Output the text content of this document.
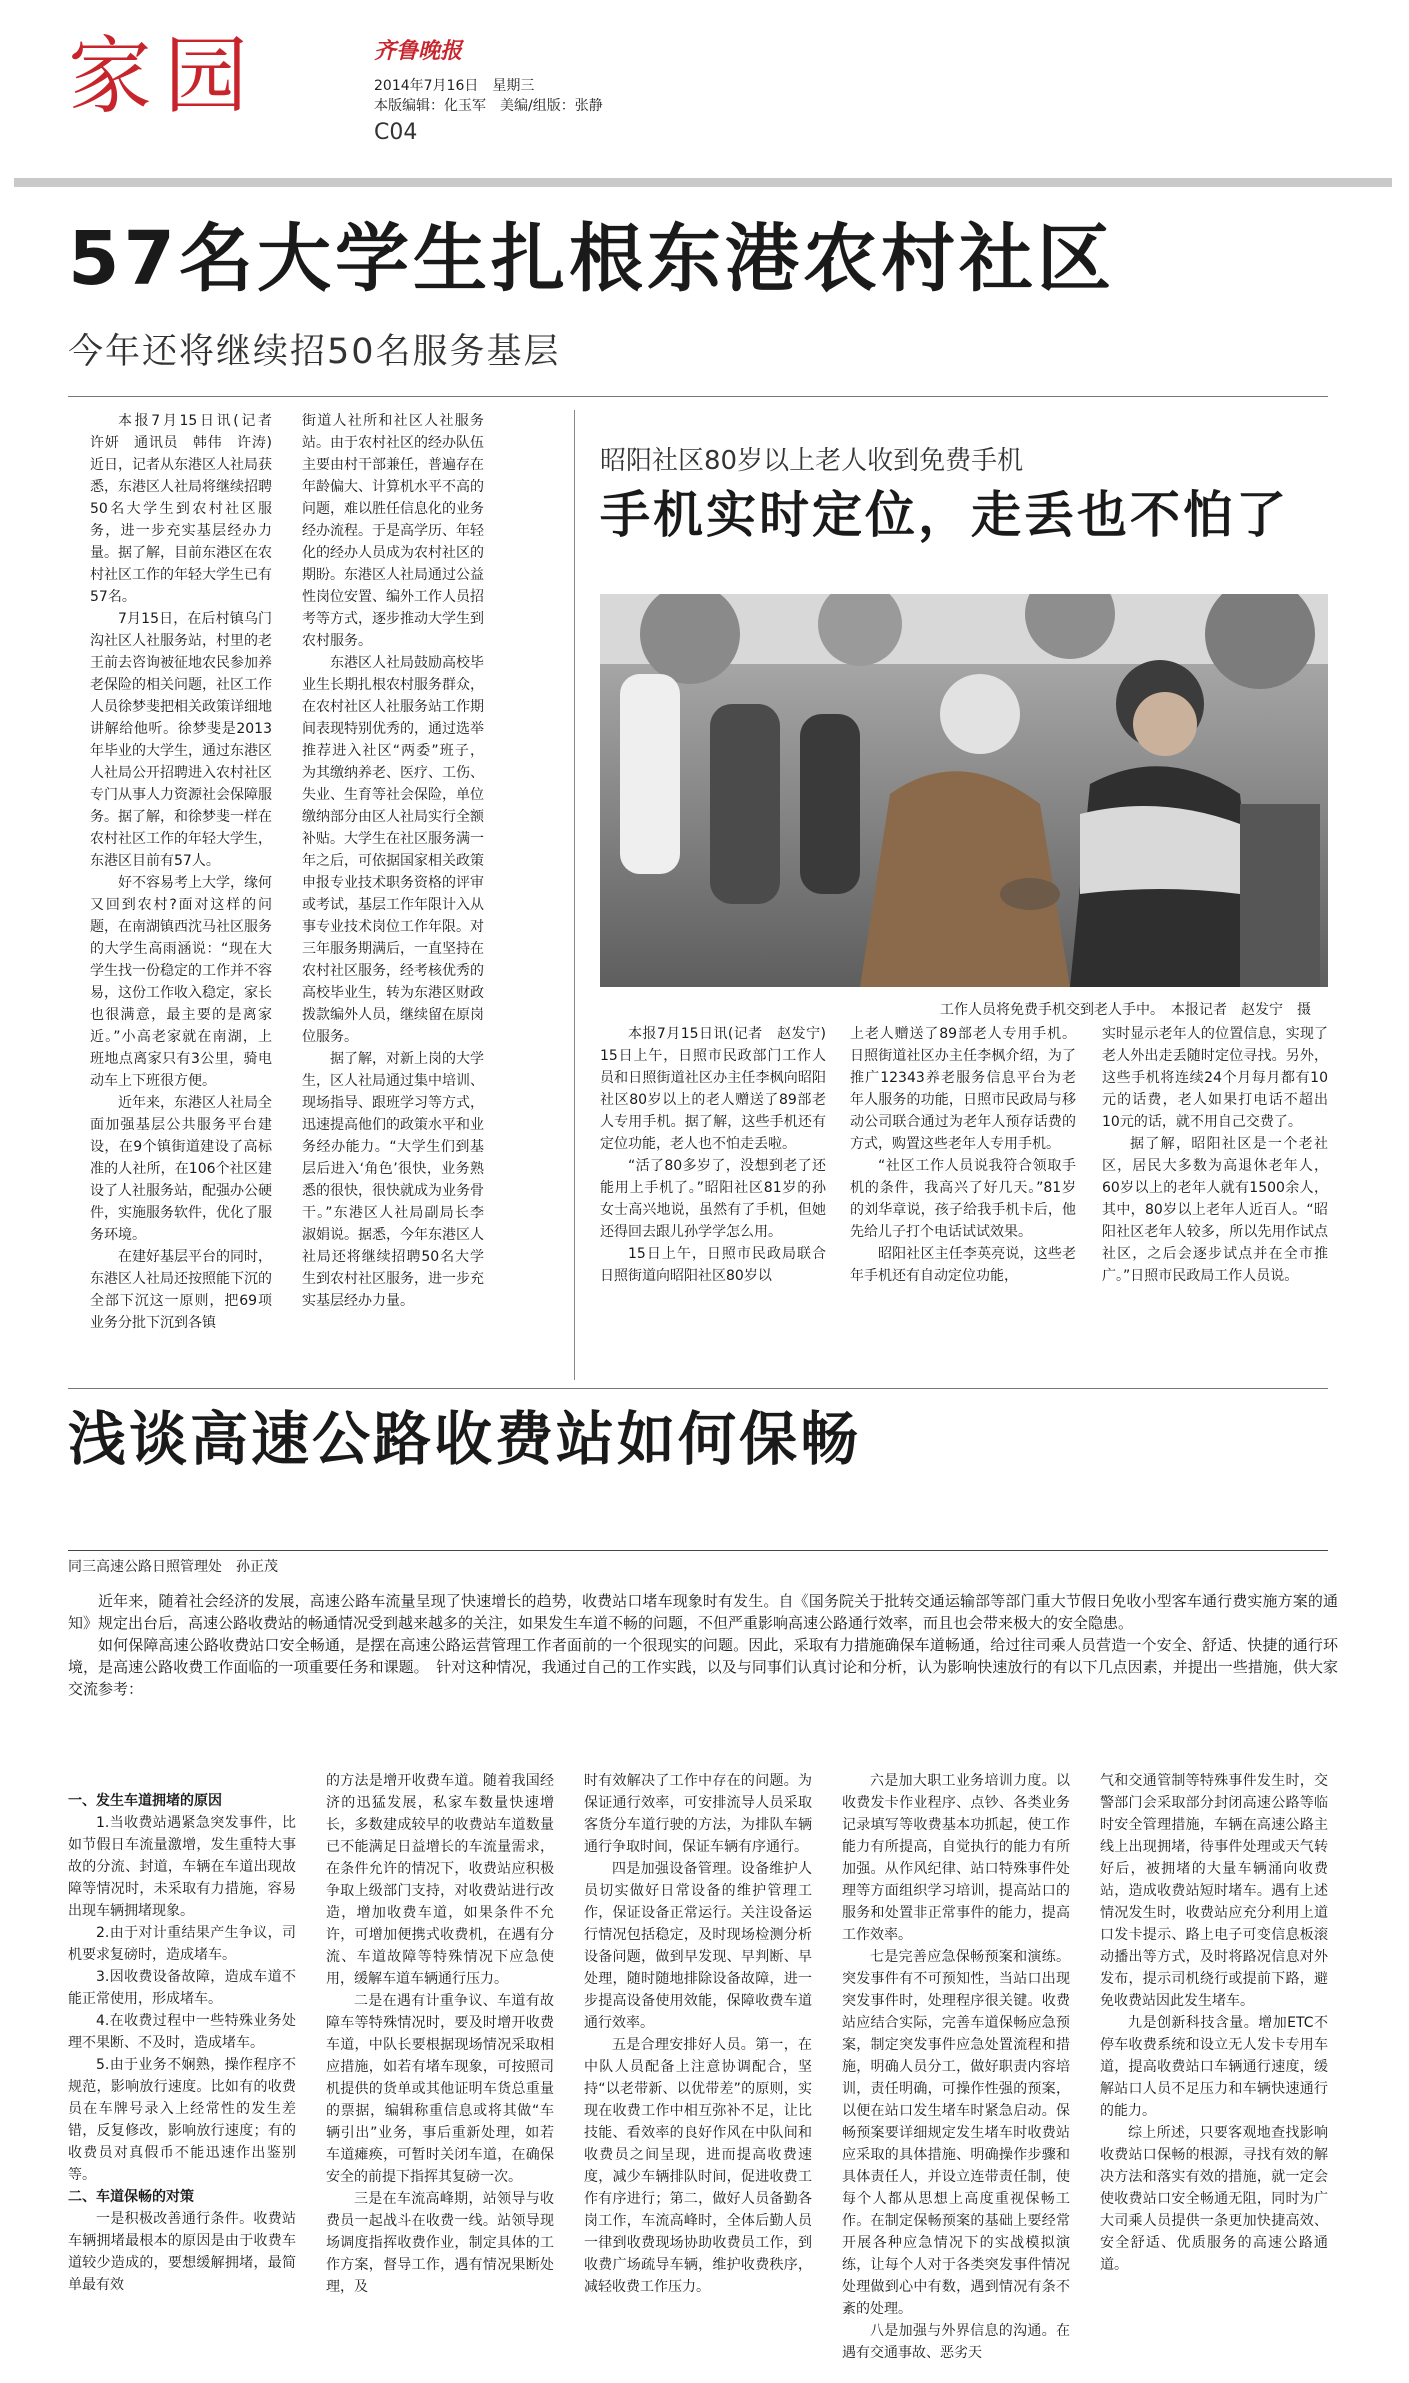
家园	齐鲁晚报
2014年7月16日　星期三
本版编辑：化玉军　美编/组版：张静
C04
57名大学生扎根东港农村社区
今年还将继续招50名服务基层

本报7月15日讯(记者　许妍　通讯员　韩伟　许涛)　近日，记者从东港区人社局获悉，东港区人社局将继续招聘50名大学生到农村社区服务，进一步充实基层经办力量。据了解，目前东港区在农村社区工作的年轻大学生已有57名。

7月15日，在后村镇乌门沟社区人社服务站，村里的老王前去咨询被征地农民参加养老保险的相关问题，社区工作人员徐梦斐把相关政策详细地讲解给他听。徐梦斐是2013年毕业的大学生，通过东港区人社局公开招聘进入农村社区专门从事人力资源社会保障服务。据了解，和徐梦斐一样在农村社区工作的年轻大学生，东港区目前有57人。

好不容易考上大学，缘何又回到农村?面对这样的问题，在南湖镇西沈马社区服务的大学生高雨涵说：“现在大学生找一份稳定的工作并不容易，这份工作收入稳定，家长也很满意，最主要的是离家近。”小高老家就在南湖，上班地点离家只有3公里，骑电动车上下班很方便。

近年来，东港区人社局全面加强基层公共服务平台建设，在9个镇街道建设了高标准的人社所，在106个社区建设了人社服务站，配强办公硬件，实施服务软件，优化了服务环境。

在建好基层平台的同时，东港区人社局还按照能下沉的全部下沉这一原则，把69项业务分批下沉到各镇

街道人社所和社区人社服务站。由于农村社区的经办队伍主要由村干部兼任，普遍存在年龄偏大、计算机水平不高的问题，难以胜任信息化的业务经办流程。于是高学历、年轻化的经办人员成为农村社区的期盼。东港区人社局通过公益性岗位安置、编外工作人员招考等方式，逐步推动大学生到农村服务。

东港区人社局鼓励高校毕业生长期扎根农村服务群众，在农村社区人社服务站工作期间表现特别优秀的，通过选举推荐进入社区“两委”班子，为其缴纳养老、医疗、工伤、失业、生育等社会保险，单位缴纳部分由区人社局实行全额补贴。大学生在社区服务满一年之后，可依据国家相关政策申报专业技术职务资格的评审或考试，基层工作年限计入从事专业技术岗位工作年限。对三年服务期满后，一直坚持在农村社区服务，经考核优秀的高校毕业生，转为东港区财政拨款编外人员，继续留在原岗位服务。

据了解，对新上岗的大学生，区人社局通过集中培训、现场指导、跟班学习等方式，迅速提高他们的政策水平和业务经办能力。“大学生们到基层后进入‘角色’很快，业务熟悉的很快，很快就成为业务骨干。”东港区人社局副局长李淑娟说。据悉，今年东港区人社局还将继续招聘50名大学生到农村社区服务，进一步充实基层经办力量。

昭阳社区80岁以上老人收到免费手机
手机实时定位，走丢也不怕了
工作人员将免费手机交到老人手中。　本报记者　赵发宁　摄

本报7月15日讯(记者　赵发宁)　15日上午，日照市民政部门工作人员和日照街道社区办主任李枫向昭阳社区80岁以上的老人赠送了89部老人专用手机。据了解，这些手机还有定位功能，老人也不怕走丢啦。

“活了80多岁了，没想到老了还能用上手机了。”昭阳社区81岁的孙女士高兴地说，虽然有了手机，但她还得回去跟儿孙学学怎么用。

15日上午，日照市民政局联合日照街道向昭阳社区80岁以

上老人赠送了89部老人专用手机。日照街道社区办主任李枫介绍，为了推广12343养老服务信息平台为老年人服务的功能，日照市民政局与移动公司联合通过为老年人预存话费的方式，购置这些老年人专用手机。

“社区工作人员说我符合领取手机的条件，我高兴了好几天。”81岁的刘华章说，孩子给我手机卡后，他先给儿子打个电话试试效果。

昭阳社区主任李英亮说，这些老年手机还有自动定位功能，

实时显示老年人的位置信息，实现了老人外出走丢随时定位寻找。另外，这些手机将连续24个月每月都有10元的话费，老人如果打电话不超出10元的话，就不用自己交费了。

据了解，昭阳社区是一个老社区，居民大多数为高退休老年人，60岁以上的老年人就有1500余人，其中，80岁以上老年人近百人。“昭阳社区老年人较多，所以先用作试点社区，之后会逐步试点并在全市推广。”日照市民政局工作人员说。

浅谈高速公路收费站如何保畅
同三高速公路日照管理处　孙正茂

近年来，随着社会经济的发展，高速公路车流量呈现了快速增长的趋势，收费站口堵车现象时有发生。自《国务院关于批转交通运输部等部门重大节假日免收小型客车通行费实施方案的通知》规定出台后，高速公路收费站的畅通情况受到越来越多的关注，如果发生车道不畅的问题，不但严重影响高速公路通行效率，而且也会带来极大的安全隐患。

如何保障高速公路收费站口安全畅通，是摆在高速公路运营管理工作者面前的一个很现实的问题。因此，采取有力措施确保车道畅通，给过往司乘人员营造一个安全、舒适、快捷的通行环境，是高速公路收费工作面临的一项重要任务和课题。　针对这种情况，我通过自己的工作实践，以及与同事们认真讨论和分析，认为影响快速放行的有以下几点因素，并提出一些措施，供大家交流参考：

一、发生车道拥堵的原因

1.当收费站遇紧急突发事件，比如节假日车流量激增，发生重特大事故的分流、封道，车辆在车道出现故障等情况时，未采取有力措施，容易出现车辆拥堵现象。

2.由于对计重结果产生争议，司机要求复磅时，造成堵车。

3.因收费设备故障，造成车道不能正常使用，形成堵车。

4.在收费过程中一些特殊业务处理不果断、不及时，造成堵车。

5.由于业务不娴熟，操作程序不规范，影响放行速度。比如有的收费员在车牌号录入上经常性的发生差错，反复修改，影响放行速度；有的收费员对真假币不能迅速作出鉴别等。

二、车道保畅的对策

一是积极改善通行条件。收费站车辆拥堵最根本的原因是由于收费车道较少造成的，要想缓解拥堵，最简单最有效

的方法是增开收费车道。随着我国经济的迅猛发展，私家车数量快速增长，多数建成较早的收费站车道数量已不能满足日益增长的车流量需求，在条件允许的情况下，收费站应积极争取上级部门支持，对收费站进行改造，增加收费车道，如果条件不允许，可增加便携式收费机，在遇有分流、车道故障等特殊情况下应急使用，缓解车道车辆通行压力。

二是在遇有计重争议、车道有故障车等特殊情况时，要及时增开收费车道，中队长要根据现场情况采取相应措施，如若有堵车现象，可按照司机提供的货单或其他证明车货总重量的票据，编辑称重信息或将其做“车辆引出”业务，事后重新处理，如若车道瘫痪，可暂时关闭车道，在确保安全的前提下指挥其复磅一次。

三是在车流高峰期，站领导与收费员一起战斗在收费一线。站领导现场调度指挥收费作业，制定具体的工作方案，督导工作，遇有情况果断处理，及

时有效解决了工作中存在的问题。为保证通行效率，可安排流导人员采取客货分车道行驶的方法，为排队车辆通行争取时间，保证车辆有序通行。

四是加强设备管理。设备维护人员切实做好日常设备的维护管理工作，保证设备正常运行。关注设备运行情况包括稳定，及时现场检测分析设备问题，做到早发现、早判断、早处理，随时随地排除设备故障，进一步提高设备使用效能，保障收费车道通行效率。

五是合理安排好人员。第一，在中队人员配备上注意协调配合，坚持“以老带新、以优带差”的原则，实现在收费工作中相互弥补不足，让比技能、看效率的良好作风在中队间和收费员之间呈现，进而提高收费速度，减少车辆排队时间，促进收费工作有序进行；第二，做好人员备勤各岗工作，车流高峰时，全体后勤人员一律到收费现场协助收费员工作，到收费广场疏导车辆，维护收费秩序，减轻收费工作压力。

六是加大职工业务培训力度。以收费发卡作业程序、点钞、各类业务记录填写等收费基本功抓起，使工作能力有所提高，自觉执行的能力有所加强。从作风纪律、站口特殊事件处理等方面组织学习培训，提高站口的服务和处置非正常事件的能力，提高工作效率。

七是完善应急保畅预案和演练。突发事件有不可预知性，当站口出现突发事件时，处理程序很关键。收费站应结合实际，完善车道保畅应急预案，制定突发事件应急处置流程和措施，明确人员分工，做好职责内容培训，责任明确，可操作性强的预案，以便在站口发生堵车时紧急启动。保畅预案要详细规定发生堵车时收费站应采取的具体措施、明确操作步骤和具体责任人，并设立连带责任制，使每个人都从思想上高度重视保畅工作。在制定保畅预案的基础上要经常开展各种应急情况下的实战模拟演练，让每个人对于各类突发事件情况处理做到心中有数，遇到情况有条不紊的处理。

八是加强与外界信息的沟通。在遇有交通事故、恶劣天

气和交通管制等特殊事件发生时，交警部门会采取部分封闭高速公路等临时安全管理措施，车辆在高速公路主线上出现拥堵，待事件处理或天气转好后，被拥堵的大量车辆涌向收费站，造成收费站短时堵车。遇有上述情况发生时，收费站应充分利用上道口发卡提示、路上电子可变信息板滚动播出等方式，及时将路况信息对外发布，提示司机绕行或提前下路，避免收费站因此发生堵车。

九是创新科技含量。增加ETC不停车收费系统和设立无人发卡专用车道，提高收费站口车辆通行速度，缓解站口人员不足压力和车辆快速通行的能力。

综上所述，只要客观地查找影响收费站口保畅的根源，寻找有效的解决方法和落实有效的措施，就一定会使收费站口安全畅通无阻，同时为广大司乘人员提供一条更加快捷高效、安全舒适、优质服务的高速公路通道。
